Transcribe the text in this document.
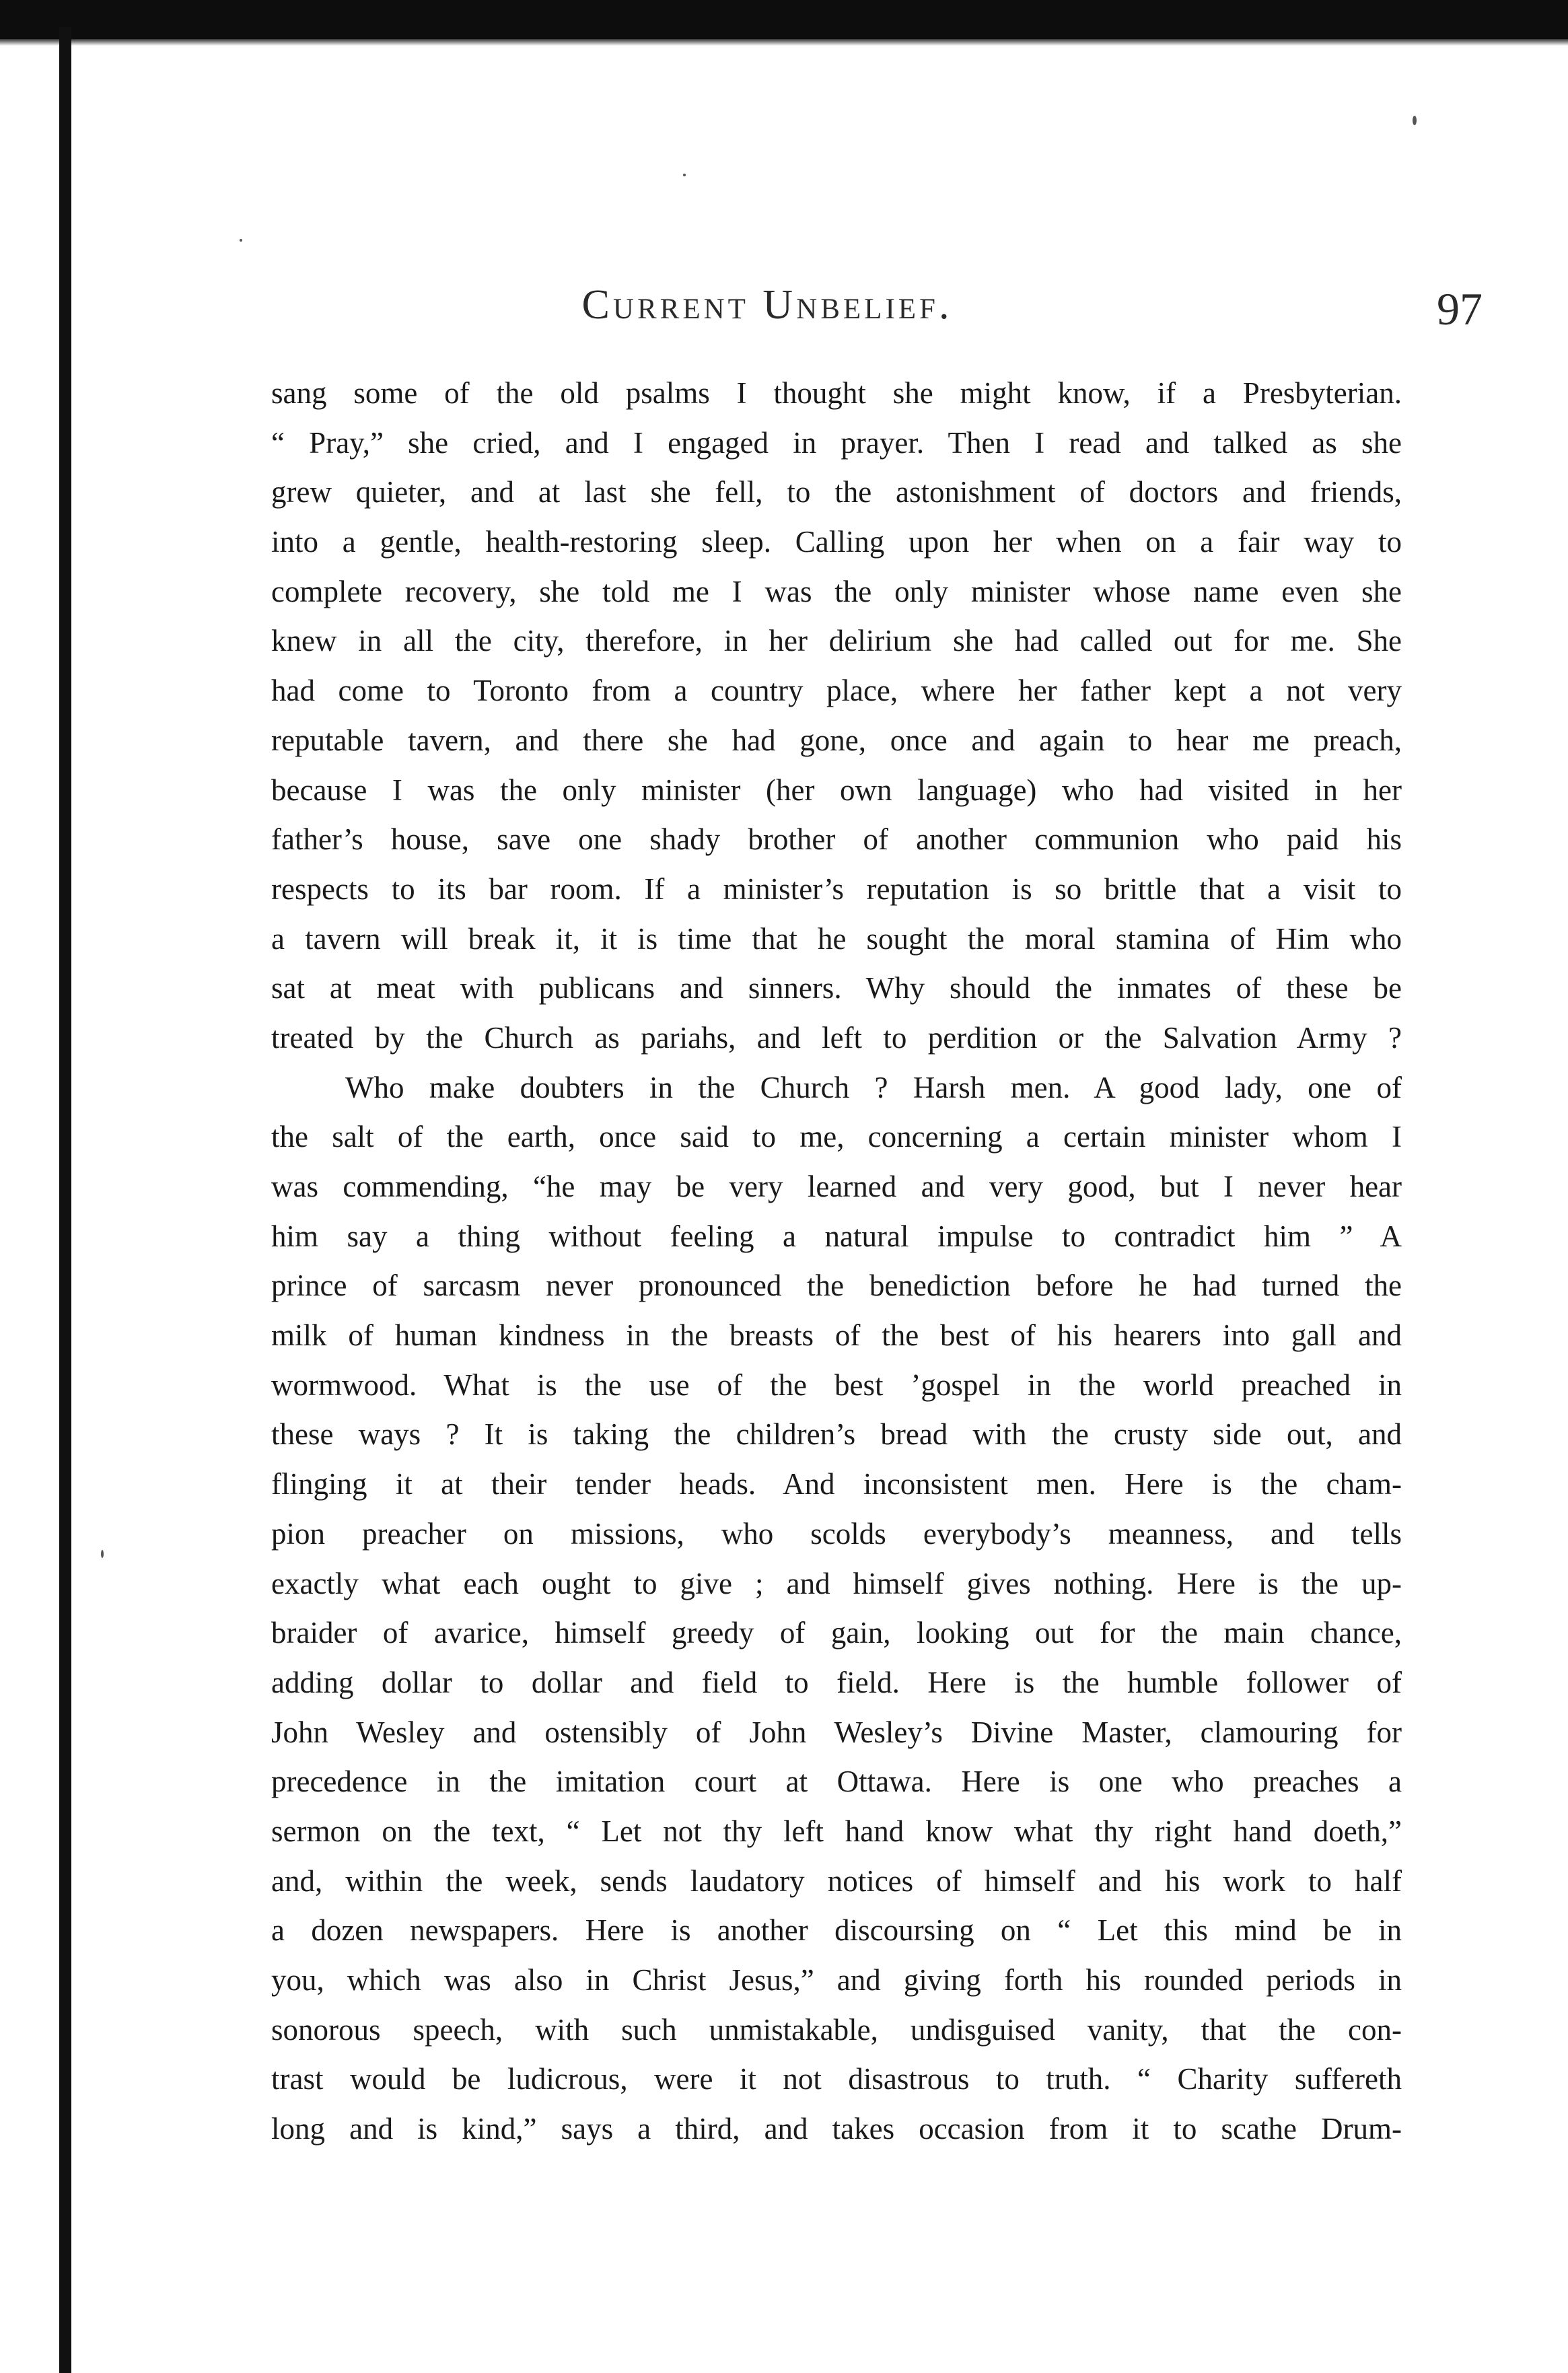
Current Unbelief.	97
sang some of the old psalms I thought she might know, if a Presbyterian.
“ Pray,” she cried, and I engaged in prayer. Then I read and talked as she
grew quieter, and at last she fell, to the astonishment of doctors and friends,
into a gentle, health-restoring sleep. Calling upon her when on a fair way to
complete recovery, she told me I was the only minister whose name even she
knew in all the city, therefore, in her delirium she had called out for me. She
had come to Toronto from a country place, where her father kept a not very
reputable tavern, and there she had gone, once and again to hear me preach,
because I was the only minister (her own language) who had visited in her
father’s house, save one shady brother of another communion who paid his
respects to its bar room. If a minister’s reputation is so brittle that a visit to
a tavern will break it, it is time that he sought the moral stamina of Him who
sat at meat with publicans and sinners. Why should the inmates of these be
treated by the Church as pariahs, and left to perdition or the Salvation Army ?
Who make doubters in the Church ? Harsh men. A good lady, one of
the salt of the earth, once said to me, concerning a certain minister whom I
was commending, “he may be very learned and very good, but I never hear
him say a thing without feeling a natural impulse to contradict him ” A
prince of sarcasm never pronounced the benediction before he had turned the
milk of human kindness in the breasts of the best of his hearers into gall and
wormwood. What is the use of the best ʼgospel in the world preached in
these ways ? It is taking the children’s bread with the crusty side out, and
flinging it at their tender heads. And inconsistent men. Here is the cham-
pion preacher on missions, who scolds everybody’s meanness, and tells
exactly what each ought to give ; and himself gives nothing. Here is the up-
braider of avarice, himself greedy of gain, looking out for the main chance,
adding dollar to dollar and field to field. Here is the humble follower of
John Wesley and ostensibly of John Wesley’s Divine Master, clamouring for
precedence in the imitation court at Ottawa. Here is one who preaches a
sermon on the text, “ Let not thy left hand know what thy right hand doeth,”
and, within the week, sends laudatory notices of himself and his work to half
a dozen newspapers. Here is another discoursing on “ Let this mind be in
you, which was also in Christ Jesus,” and giving forth his rounded periods in
sonorous speech, with such unmistakable, undisguised vanity, that the con-
trast would be ludicrous, were it not disastrous to truth. “ Charity suffereth
long and is kind,” says a third, and takes occasion from it to scathe Drum-
